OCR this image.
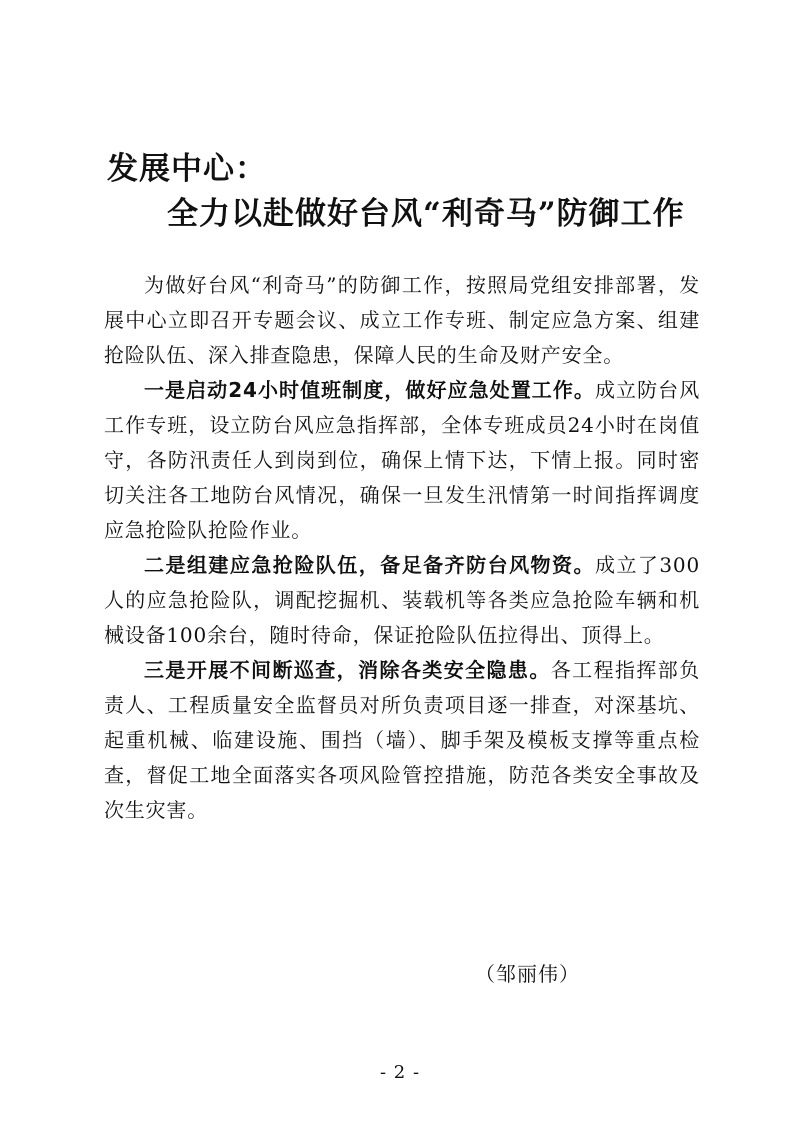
发展中心：
全力以赴做好台风“利奇马”防御工作

为做好台风“利奇马”的防御工作，按照局党组安排部署，发展中心立即召开专题会议、成立工作专班、制定应急方案、组建抢险队伍、深入排查隐患，保障人民的生命及财产安全。

一是启动24小时值班制度，做好应急处置工作。成立防台风工作专班，设立防台风应急指挥部，全体专班成员24小时在岗值守，各防汛责任人到岗到位，确保上情下达，下情上报。同时密切关注各工地防台风情况，确保一旦发生汛情第一时间指挥调度应急抢险队抢险作业。

二是组建应急抢险队伍，备足备齐防台风物资。成立了300人的应急抢险队，调配挖掘机、装载机等各类应急抢险车辆和机械设备100余台，随时待命，保证抢险队伍拉得出、顶得上。

三是开展不间断巡查，消除各类安全隐患。各工程指挥部负责人、工程质量安全监督员对所负责项目逐一排查，对深基坑、起重机械、临建设施、围挡（墙）、脚手架及模板支撑等重点检查，督促工地全面落实各项风险管控措施，防范各类安全事故及次生灾害。

（邹丽伟）
- 2 -
